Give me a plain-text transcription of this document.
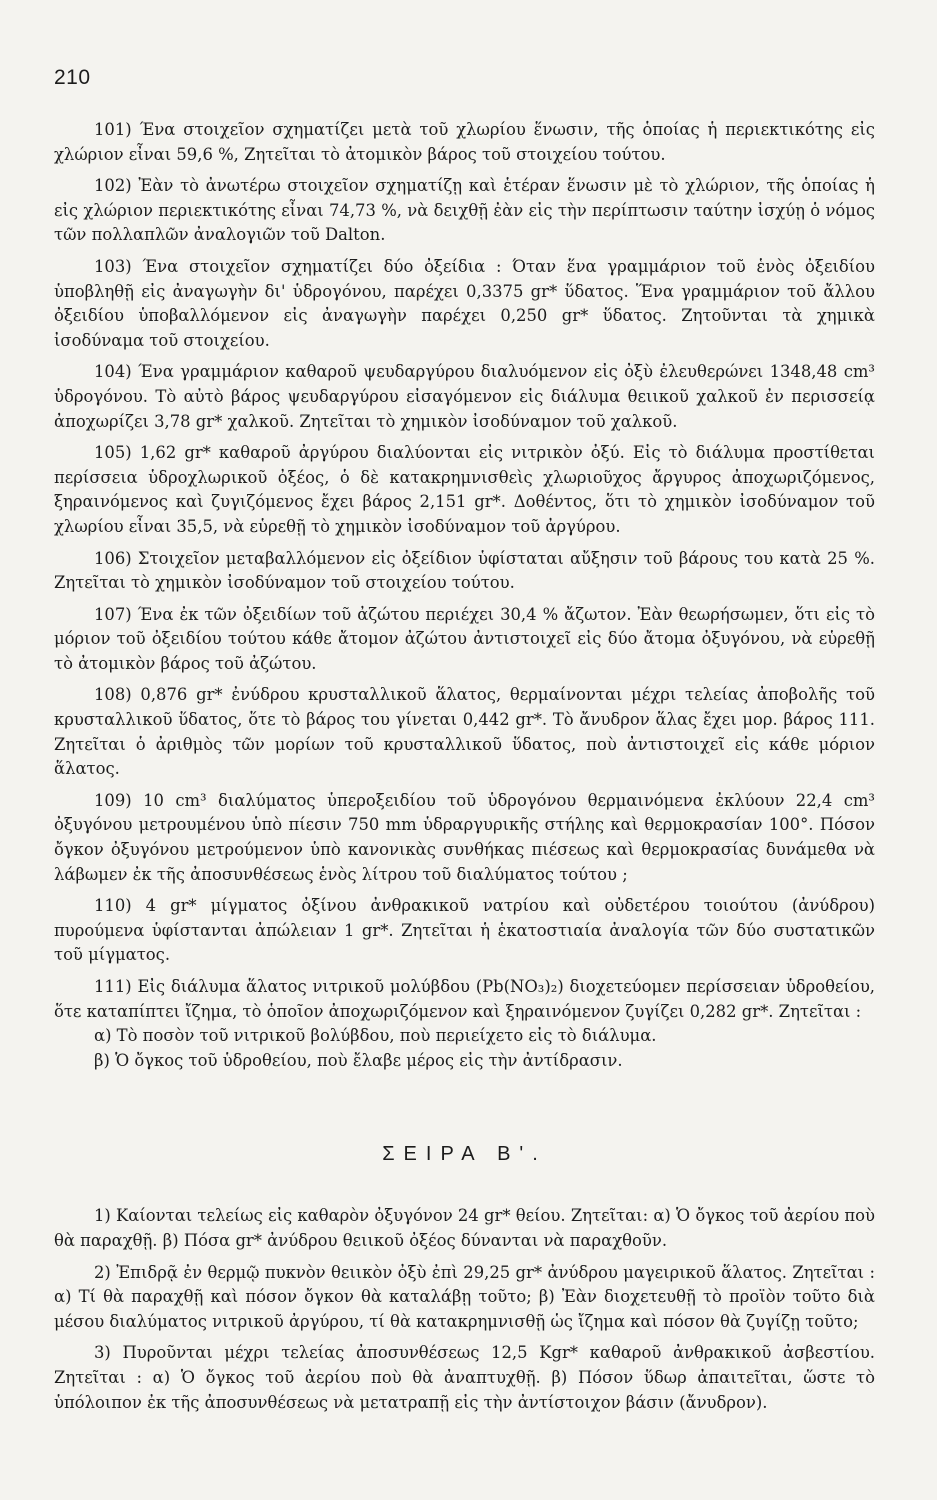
210

101) Ένα στοιχεῖον σχηματίζει μετὰ τοῦ χλωρίου ἕνωσιν, τῆς ὁποίας ἡ περιεκτικότης εἰς χλώριον εἶναι 59,6 %, Ζητεῖται τὸ ἀτομικὸν βάρος τοῦ στοιχείου τούτου.

102) Ἐὰν τὸ ἀνωτέρω στοιχεῖον σχηματίζῃ καὶ ἑτέραν ἕνωσιν μὲ τὸ χλώριον, τῆς ὁποίας ἡ εἰς χλώριον περιεκτικότης εἶναι 74,73 %, νὰ δειχθῇ ἐὰν εἰς τὴν περίπτωσιν ταύτην ἰσχύῃ ὁ νόμος τῶν πολλαπλῶν ἀναλογιῶν τοῦ Dalton.

103) Ένα στοιχεῖον σχηματίζει δύο ὀξείδια : Όταν ἕνα γραμμάριον τοῦ ἑνὸς ὀξειδίου ὑποβληθῇ εἰς ἀναγωγὴν δι' ὑδρογόνου, παρέχει 0,3375 gr* ὕδατος. Ἕνα γραμμάριον τοῦ ἄλλου ὀξειδίου ὑποβαλλόμενον εἰς ἀναγωγὴν παρέχει 0,250 gr* ὕδατος. Ζητοῦνται τὰ χημικὰ ἰσοδύναμα τοῦ στοιχείου.

104) Ένα γραμμάριον καθαροῦ ψευδαργύρου διαλυόμενον εἰς ὀξὺ ἐλευθερώνει 1348,48 cm³ ὑδρογόνου. Τὸ αὐτὸ βάρος ψευδαργύρου εἰσαγόμενον εἰς διάλυμα θειικοῦ χαλκοῦ ἐν περισσείᾳ ἀποχωρίζει 3,78 gr* χαλκοῦ. Ζητεῖται τὸ χημικὸν ἰσοδύναμον τοῦ χαλκοῦ.

105) 1,62 gr* καθαροῦ ἀργύρου διαλύονται εἰς νιτρικὸν ὀξύ. Εἰς τὸ διάλυμα προστίθεται περίσσεια ὑδροχλωρικοῦ ὀξέος, ὁ δὲ κατακρημνισθεὶς χλωριοῦχος ἄργυρος ἀποχωριζόμενος, ξηραινόμενος καὶ ζυγιζόμενος ἔχει βάρος 2,151 gr*. Δοθέντος, ὅτι τὸ χημικὸν ἰσοδύναμον τοῦ χλωρίου εἶναι 35,5, νὰ εὑρεθῇ τὸ χημικὸν ἰσοδύναμον τοῦ ἀργύρου.

106) Στοιχεῖον μεταβαλλόμενον εἰς ὀξείδιον ὑφίσταται αὔξησιν τοῦ βάρους του κατὰ 25 %. Ζητεῖται τὸ χημικὸν ἰσοδύναμον τοῦ στοιχείου τούτου.

107) Ένα ἐκ τῶν ὀξειδίων τοῦ ἀζώτου περιέχει 30,4 % ἄζωτον. Ἐὰν θεωρήσωμεν, ὅτι εἰς τὸ μόριον τοῦ ὀξειδίου τούτου κάθε ἄτομον ἀζώτου ἀντιστοιχεῖ εἰς δύο ἄτομα ὀξυγόνου, νὰ εὑρεθῇ τὸ ἀτομικὸν βάρος τοῦ ἀζώτου.

108) 0,876 gr* ἐνύδρου κρυσταλλικοῦ ἅλατος, θερμαίνονται μέχρι τελείας ἀποβολῆς τοῦ κρυσταλλικοῦ ὕδατος, ὅτε τὸ βάρος του γίνεται 0,442 gr*. Τὸ ἄνυδρον ἅλας ἔχει μορ. βάρος 111. Ζητεῖται ὁ ἀριθμὸς τῶν μορίων τοῦ κρυσταλλικοῦ ὕδατος, ποὺ ἀντιστοιχεῖ εἰς κάθε μόριον ἅλατος.

109) 10 cm³ διαλύματος ὑπεροξειδίου τοῦ ὑδρογόνου θερμαινόμενα ἐκλύουν 22,4 cm³ ὀξυγόνου μετρουμένου ὑπὸ πίεσιν 750 mm ὑδραργυρικῆς στήλης καὶ θερμοκρασίαν 100°. Πόσον ὄγκον ὀξυγόνου μετρούμενον ὑπὸ κανονικὰς συνθήκας πιέσεως καὶ θερμοκρασίας δυνάμεθα νὰ λάβωμεν ἐκ τῆς ἀποσυνθέσεως ἑνὸς λίτρου τοῦ διαλύματος τούτου ;

110) 4 gr* μίγματος ὀξίνου ἀνθρακικοῦ νατρίου καὶ οὐδετέρου τοιούτου (ἀνύδρου) πυρούμενα ὑφίστανται ἀπώλειαν 1 gr*. Ζητεῖται ἡ ἑκατοστιαία ἀναλογία τῶν δύο συστατικῶν τοῦ μίγματος.

111) Εἰς διάλυμα ἅλατος νιτρικοῦ μολύβδου (Pb(NO₃)₂) διοχετεύομεν περίσσειαν ὑδροθείου, ὅτε καταπίπτει ἴζημα, τὸ ὁποῖον ἀποχωριζόμενον καὶ ξηραινόμενον ζυγίζει 0,282 gr*. Ζητεῖται :

α) Τὸ ποσὸν τοῦ νιτρικοῦ βολύβδου, ποὺ περιείχετο εἰς τὸ διάλυμα.

β) Ὁ ὄγκος τοῦ ὑδροθείου, ποὺ ἔλαβε μέρος εἰς τὴν ἀντίδρασιν.

ΣΕΙΡΑ Β'.

1) Καίονται τελείως εἰς καθαρὸν ὀξυγόνον 24 gr* θείου. Ζητεῖται: α) Ὁ ὄγκος τοῦ ἀερίου ποὺ θὰ παραχθῇ. β) Πόσα gr* ἀνύδρου θειικοῦ ὀξέος δύνανται νὰ παραχθοῦν.

2) Ἐπιδρᾷ ἐν θερμῷ πυκνὸν θειικὸν ὀξὺ ἐπὶ 29,25 gr* ἀνύδρου μαγειρικοῦ ἅλατος. Ζητεῖται : α) Τί θὰ παραχθῇ καὶ πόσον ὄγκον θὰ καταλάβῃ τοῦτο; β) Ἐὰν διοχετευθῇ τὸ προϊὸν τοῦτο διὰ μέσου διαλύματος νιτρικοῦ ἀργύρου, τί θὰ κατακρημνισθῇ ὡς ἴζημα καὶ πόσον θὰ ζυγίζῃ τοῦτο;

3) Πυροῦνται μέχρι τελείας ἀποσυνθέσεως 12,5 Kgr* καθαροῦ ἀνθρακικοῦ ἀσβεστίου. Ζητεῖται : α) Ὁ ὄγκος τοῦ ἀερίου ποὺ θὰ ἀναπτυχθῇ. β) Πόσον ὕδωρ ἀπαιτεῖται, ὥστε τὸ ὑπόλοιπον ἐκ τῆς ἀποσυνθέσεως νὰ μετατραπῇ εἰς τὴν ἀντίστοιχον βάσιν (ἄνυδρον).
